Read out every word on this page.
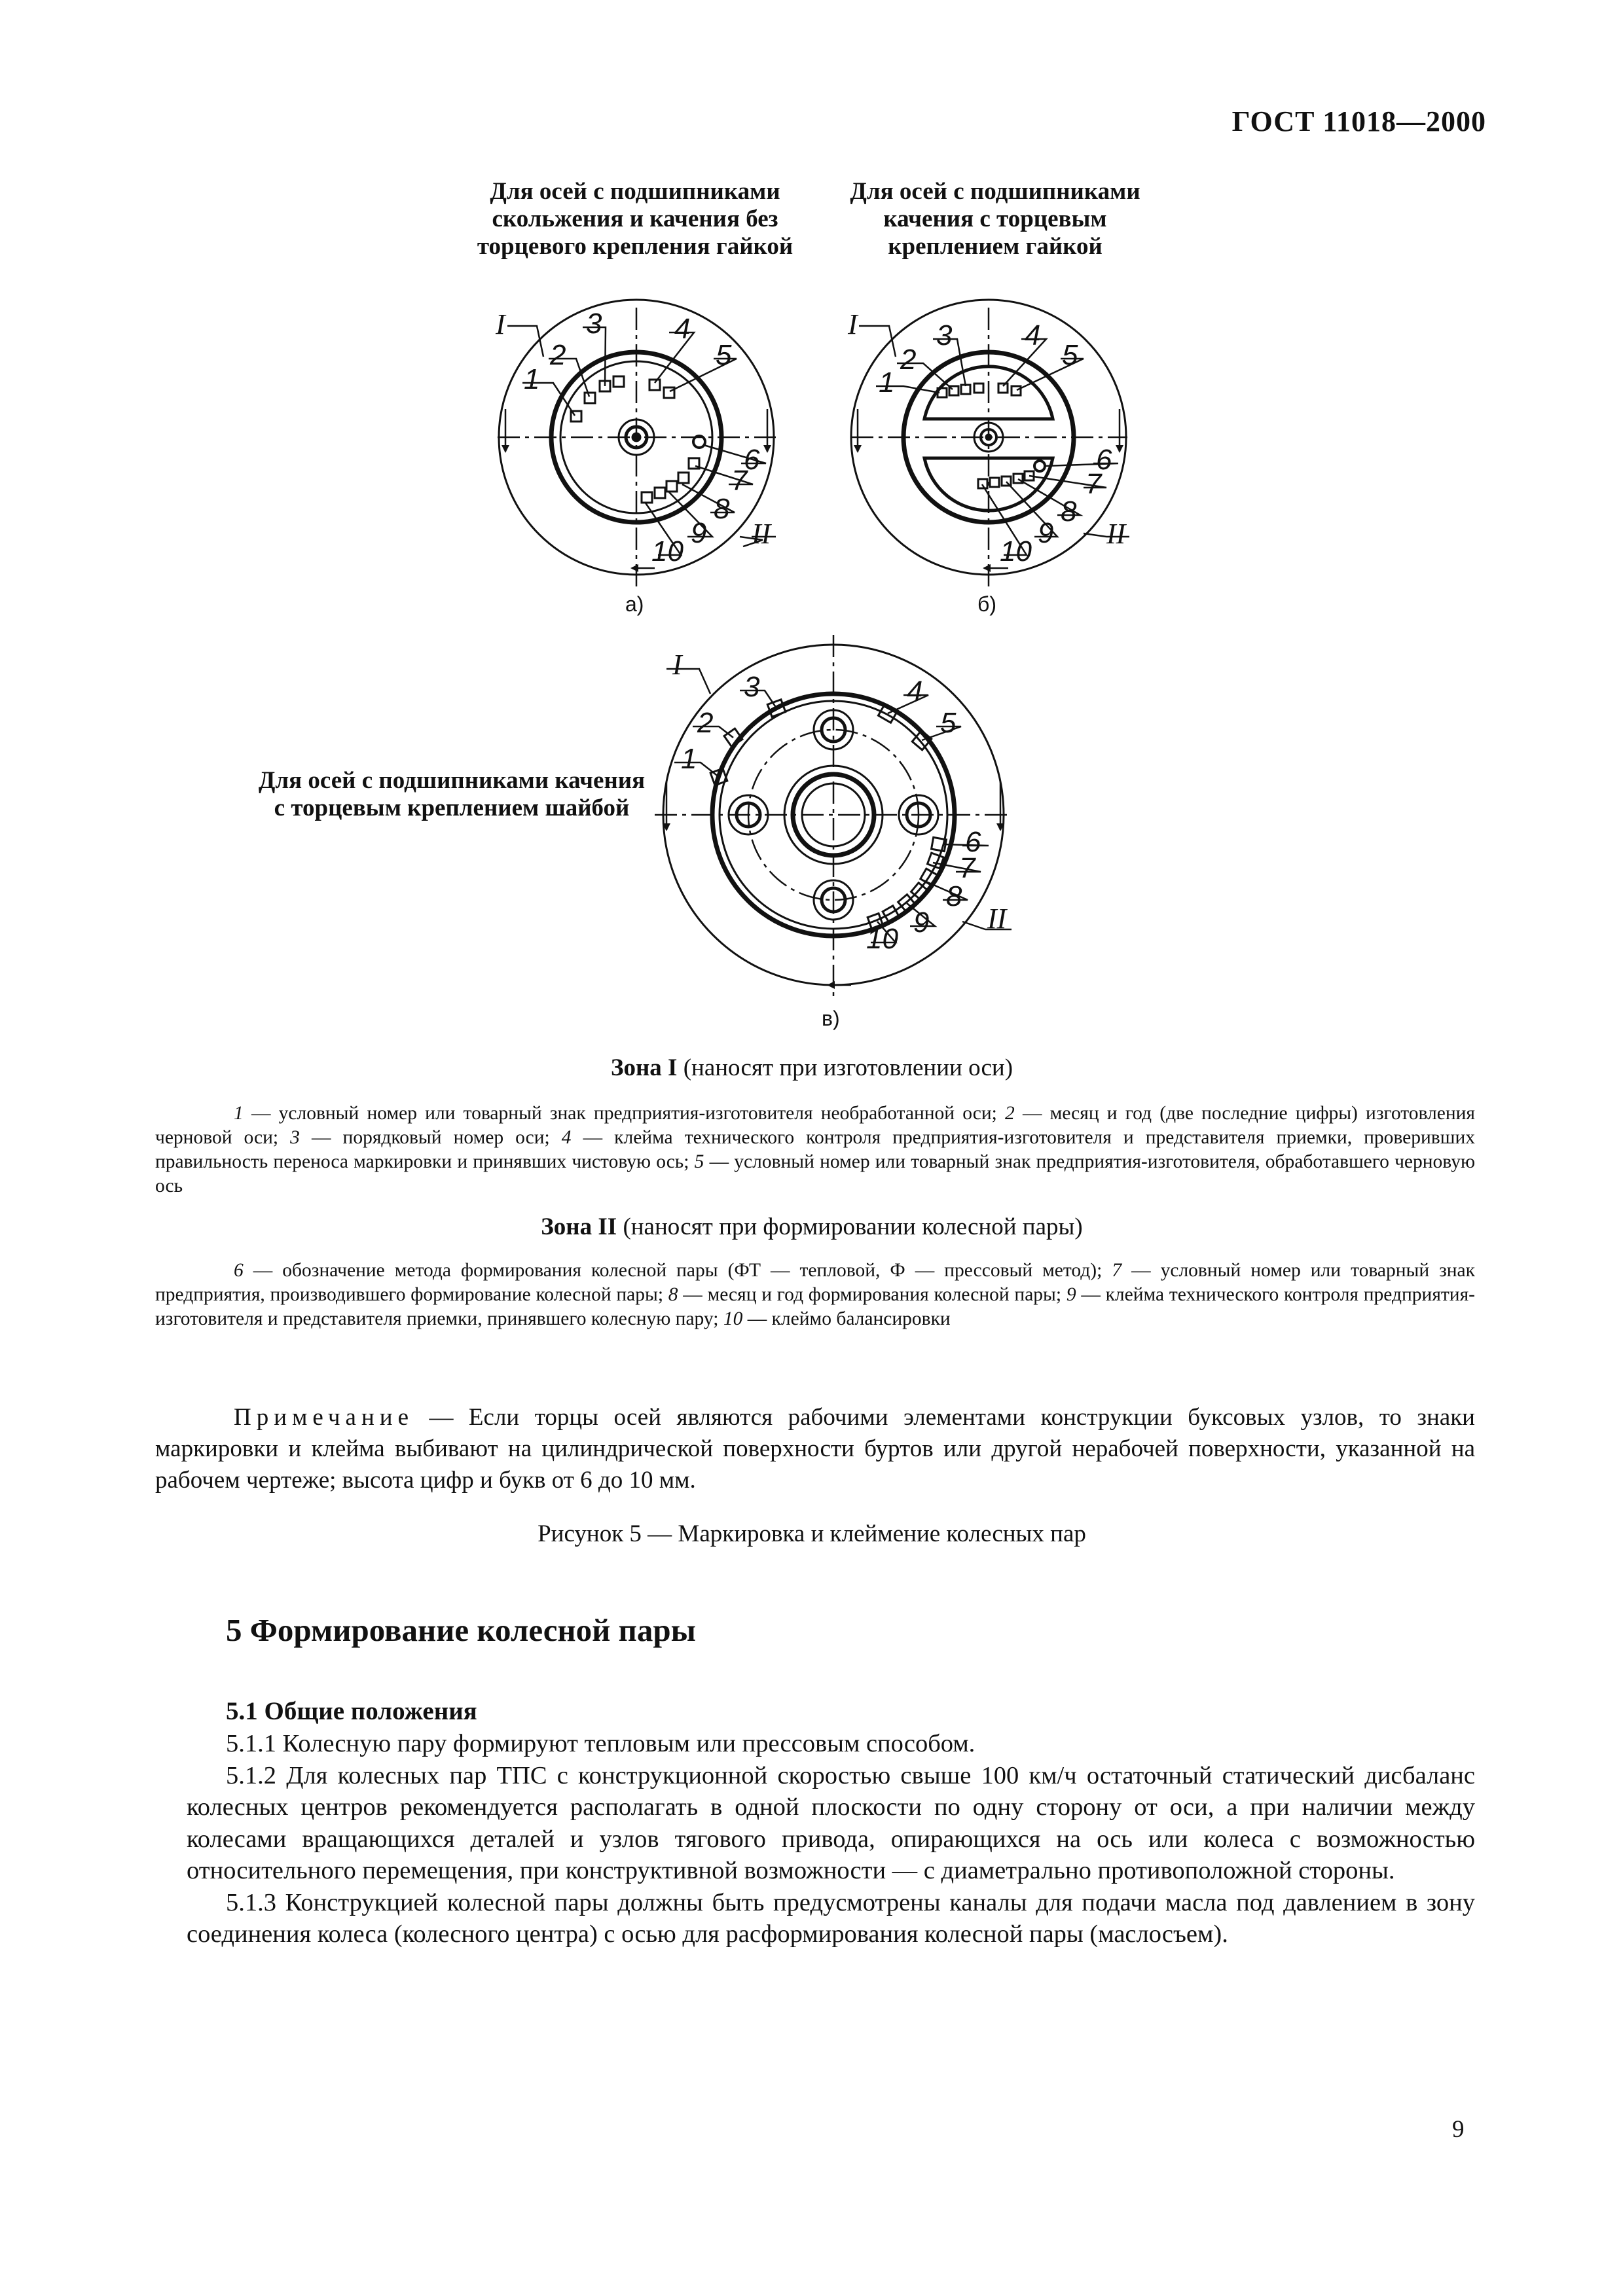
ГОСТ 11018—2000
Для осей с подшипниками
скольжения и качения без
торцевого крепления гайкой
Для осей с подшипниками
качения с торцевым
креплением гайкой
Для осей с подшипниками качения
с торцевым креплением шайбой
I
1
2
3	4
5
6
7
8
9
10
II
а)
I
1
2
3	4
5
6
7
8
9
10
II
б)
I
1
2
3	4
5
6
7
8
9
10
II
в)
Зона I (наносят при изготовлении оси)
1 — условный номер или товарный знак предприятия-изготовителя необработанной оси; 2 — месяц и год (две последние цифры) изготовления черновой оси; 3 — порядковый номер оси; 4 — клейма технического контроля предприятия-изготовителя и представителя приемки, проверивших правильность переноса маркировки и принявших чистовую ось; 5 — условный номер или товарный знак предприятия-изготовителя, обработавшего черновую ось
Зона II (наносят при формировании колесной пары)
6 — обозначение метода формирования колесной пары (ФТ — тепловой, Ф — прессовый метод); 7 — условный номер или товарный знак предприятия, производившего формирование колесной пары; 8 — месяц и год формирования колесной пары; 9 — клейма технического контроля предприятия-изготовителя и представителя приемки, принявшего колесную пару; 10 — клеймо балансировки
Примечание — Если торцы осей являются рабочими элементами конструкции буксовых узлов, то знаки маркировки и клейма выбивают на цилиндрической поверхности буртов или другой нерабочей поверхности, указанной на рабочем чертеже; высота цифр и букв от 6 до 10 мм.
Рисунок 5 — Маркировка и клеймение колесных пар
5 Формирование колесной пары
5.1 Общие положения

5.1.1 Колесную пару формируют тепловым или прессовым способом.

5.1.2 Для колесных пар ТПС с конструкционной скоростью свыше 100 км/ч остаточный статический дисбаланс колесных центров рекомендуется располагать в одной плоскости по одну сторону от оси, а при наличии между колесами вращающихся деталей и узлов тягового привода, опирающихся на ось или колеса с возможностью относительного перемещения, при конструктивной возможности — с диаметрально противоположной стороны.

5.1.3 Конструкцией колесной пары должны быть предусмотрены каналы для подачи масла под давлением в зону соединения колеса (колесного центра) с осью для расформирования колесной пары (маслосъем).

9
